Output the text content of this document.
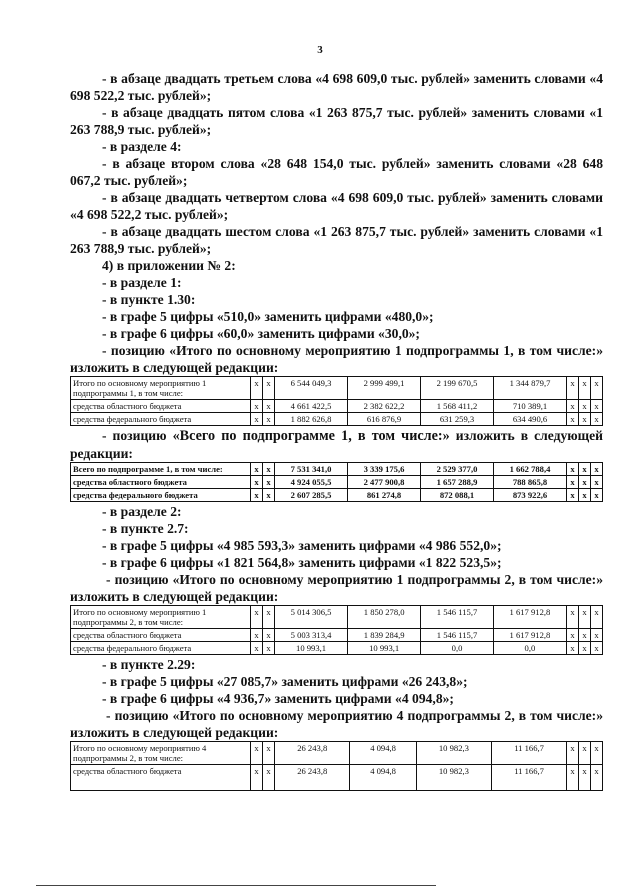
3

- в абзаце двадцать третьем слова «4 698 609,0 тыс. рублей» заменить словами «4 698 522,2 тыс. рублей»;

- в абзаце двадцать пятом слова «1 263 875,7 тыс. рублей» заменить словами «1 263 788,9 тыс. рублей»;

- в разделе 4:

- в абзаце втором слова «28 648 154,0 тыс. рублей» заменить словами «28 648 067,2 тыс. рублей»;

- в абзаце двадцать четвертом слова «4 698 609,0 тыс. рублей» заменить словами «4 698 522,2 тыс. рублей»;

- в абзаце двадцать шестом слова «1 263 875,7 тыс. рублей» заменить словами «1 263 788,9 тыс. рублей»;

4) в приложении № 2:

- в разделе 1:

- в пункте 1.30:

- в графе 5 цифры «510,0» заменить цифрами «480,0»;

- в графе 6 цифры «60,0» заменить цифрами «30,0»;

- позицию «Итого по основному мероприятию 1 подпрограммы 1, в том числе:» изложить в следующей редакции:

Итого по основному мероприятию 1 подпрограммы 1, в том числе:	x	x	6 544 049,3	2 999 499,1	2 199 670,5	1 344 879,7	x	x	x
средства областного бюджета	x	x	4 661 422,5	2 382 622,2	1 568 411,2	710 389,1	x	x	x
средства федерального бюджета	x	x	1 882 626,8	616 876,9	631 259,3	634 490,6	x	x	x

- позицию «Всего по подпрограмме 1, в том числе:» изложить в следующей редакции:

Всего по подпрограмме 1, в том числе:	x	x	7 531 341,0	3 339 175,6	2 529 377,0	1 662 788,4	x	x	x
средства областного бюджета	x	x	4 924 055,5	2 477 900,8	1 657 288,9	788 865,8	x	x	x
средства федерального бюджета	x	x	2 607 285,5	861 274,8	872 088,1	873 922,6	x	x	x

- в разделе 2:

- в пункте 2.7:

- в графе 5 цифры «4 985 593,3» заменить цифрами «4 986 552,0»;

- в графе 6 цифры «1 821 564,8» заменить цифрами «1 822 523,5»;

- позицию «Итого по основному мероприятию 1 подпрограммы 2, в том числе:» изложить в следующей редакции:

Итого по основному мероприятию 1 подпрограммы 2, в том числе:	x	x	5 014 306,5	1 850 278,0	1 546 115,7	1 617 912,8	x	x	x
средства областного бюджета	x	x	5 003 313,4	1 839 284,9	1 546 115,7	1 617 912,8	x	x	x
средства федерального бюджета	x	x	10 993,1	10 993,1	0,0	0,0	x	x	x

- в пункте 2.29:

- в графе 5 цифры «27 085,7» заменить цифрами «26 243,8»;

- в графе 6 цифры «4 936,7» заменить цифрами «4 094,8»;

- позицию «Итого по основному мероприятию 4 подпрограммы 2, в том числе:» изложить в следующей редакции:

Итого по основному мероприятию 4 подпрограммы 2, в том числе:	x	x	26 243,8	4 094,8	10 982,3	11 166,7	x	x	x
средства областного бюджета	x	x	26 243,8	4 094,8	10 982,3	11 166,7	x	x	x
